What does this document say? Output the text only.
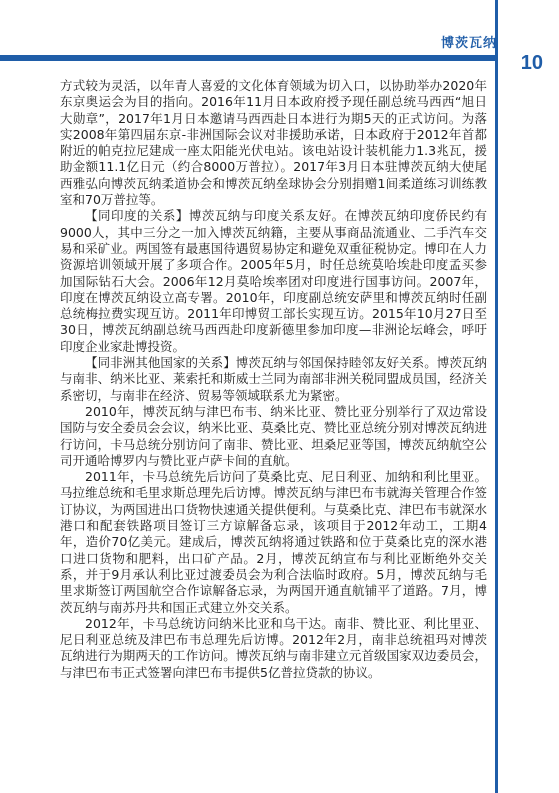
博茨瓦纳
10

方式较为灵活，以年青人喜爱的文化体育领域为切入口，以协助举办2020年东京奥运会为目的指向。2016年11月日本政府授予现任副总统马西西“旭日大勋章”，2017年1月日本邀请马西西赴日本进行为期5天的正式访问。为落实2008年第四届东京-非洲国际会议对非援助承诺，日本政府于2012年首都附近的帕克拉尼建成一座太阳能光伏电站。该电站设计装机能力1.3兆瓦，援助金额11.1亿日元（约合8000万普拉）。2017年3月日本驻博茨瓦纳大使尾西雅弘向博茨瓦纳柔道协会和博茨瓦纳垒球协会分别捐赠1间柔道练习训练教室和70万普拉等。

【同印度的关系】博茨瓦纳与印度关系友好。在博茨瓦纳印度侨民约有9000人，其中三分之一加入博茨瓦纳籍，主要从事商品流通业、二手汽车交易和采矿业。两国签有最惠国待遇贸易协定和避免双重征税协定。博印在人力资源培训领域开展了多项合作。2005年5月，时任总统莫哈埃赴印度孟买参加国际钻石大会。2006年12月莫哈埃率团对印度进行国事访问。2007年，印度在博茨瓦纳设立高专署。2010年，印度副总统安萨里和博茨瓦纳时任副总统梅拉费实现互访。2011年印博贸工部长实现互访。2015年10月27日至30日，博茨瓦纳副总统马西西赴印度新德里参加印度—非洲论坛峰会，呼吁印度企业家赴博投资。

【同非洲其他国家的关系】博茨瓦纳与邻国保持睦邻友好关系。博茨瓦纳与南非、纳米比亚、莱索托和斯威士兰同为南部非洲关税同盟成员国，经济关系密切，与南非在经济、贸易等领域联系尤为紧密。

2010年，博茨瓦纳与津巴布韦、纳米比亚、赞比亚分别举行了双边常设国防与安全委员会会议，纳米比亚、莫桑比克、赞比亚总统分别对博茨瓦纳进行访问，卡马总统分别访问了南非、赞比亚、坦桑尼亚等国，博茨瓦纳航空公司开通哈博罗内与赞比亚卢萨卡间的直航。

2011年，卡马总统先后访问了莫桑比克、尼日利亚、加纳和利比里亚。马拉维总统和毛里求斯总理先后访博。博茨瓦纳与津巴布韦就海关管理合作签订协议，为两国进出口货物快速通关提供便利。与莫桑比克、津巴布韦就深水港口和配套铁路项目签订三方谅解备忘录，该项目于2012年动工，工期4年，造价70亿美元。建成后，博茨瓦纳将通过铁路和位于莫桑比克的深水港口进口货物和肥料，出口矿产品。2月，博茨瓦纳宣布与利比亚断绝外交关系，并于9月承认利比亚过渡委员会为利合法临时政府。5月，博茨瓦纳与毛里求斯签订两国航空合作谅解备忘录，为两国开通直航铺平了道路。7月，博茨瓦纳与南苏丹共和国正式建立外交关系。

2012年，卡马总统访问纳米比亚和乌干达。南非、赞比亚、利比里亚、尼日利亚总统及津巴布韦总理先后访博。2012年2月，南非总统祖玛对博茨瓦纳进行为期两天的工作访问。博茨瓦纳与南非建立元首级国家双边委员会，与津巴布韦正式签署向津巴布韦提供5亿普拉贷款的协议。
